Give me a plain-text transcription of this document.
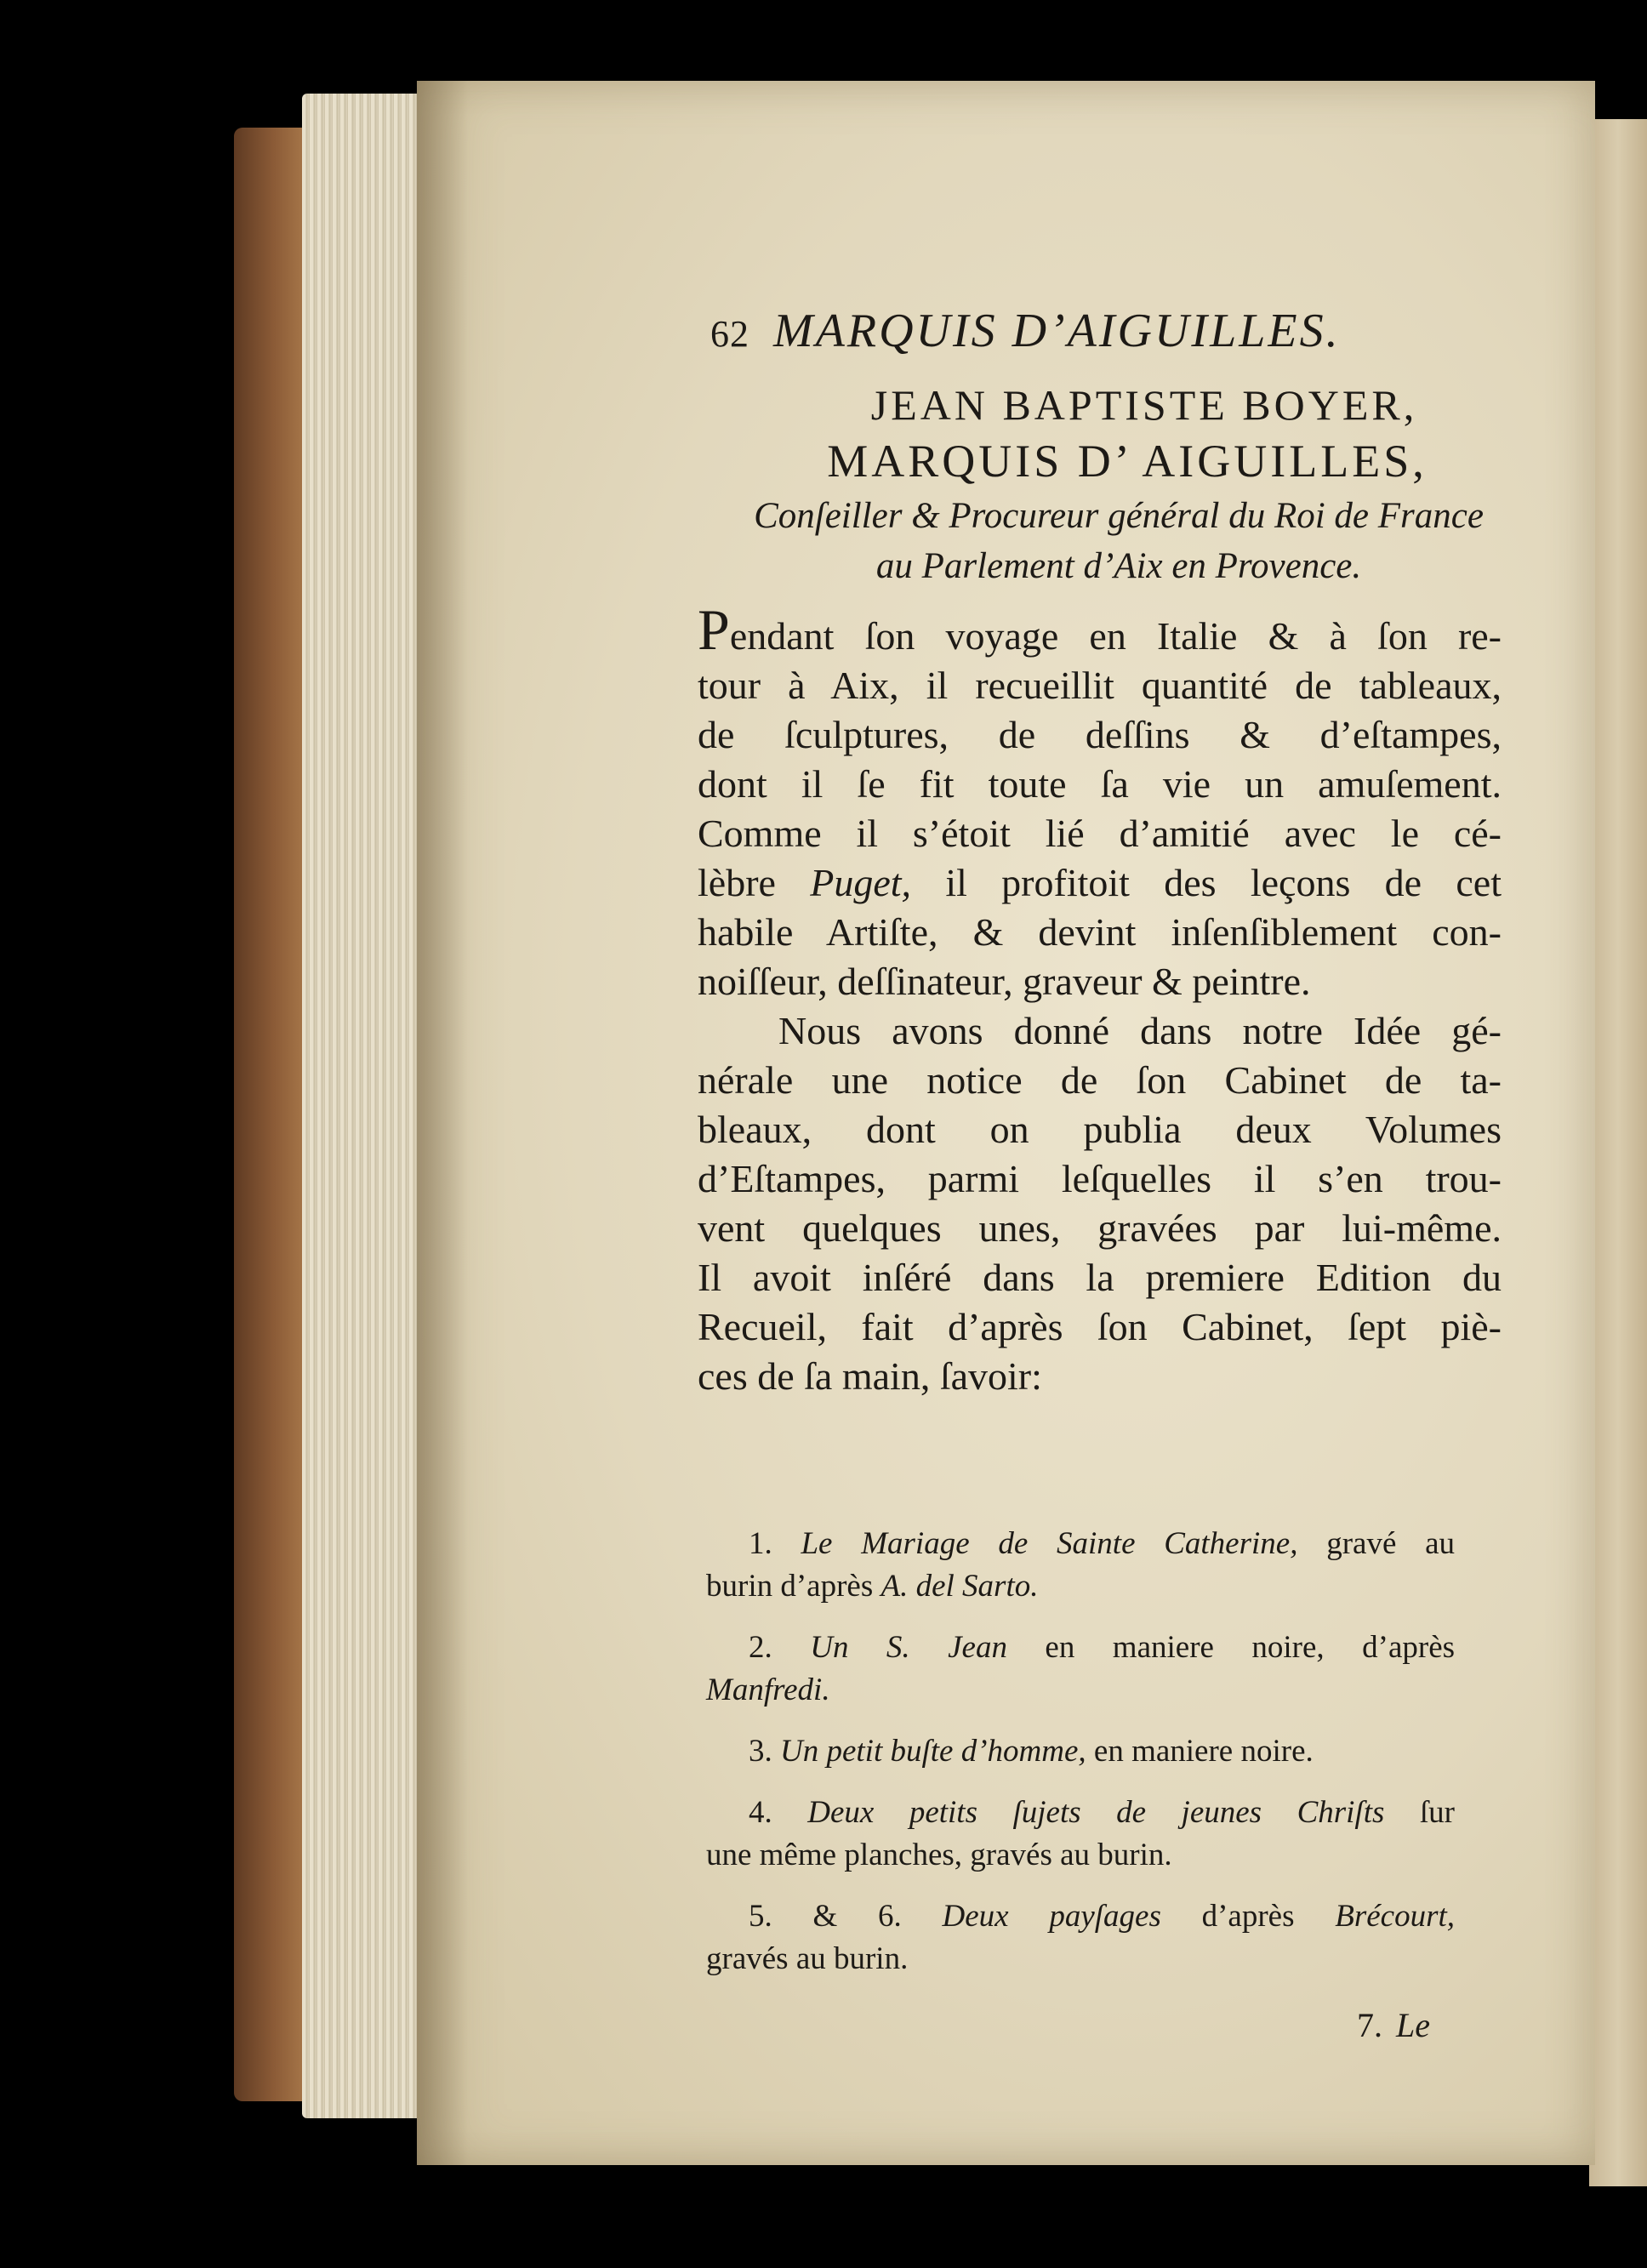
62 MARQUIS D’AIGUILLES.
JEAN BAPTISTE BOYER,
MARQUIS D’ AIGUILLES,
Conſeiller & Procureur général du Roi de France
au Parlement d’Aix en Provence.
Pendant ſon voyage en Italie & à ſon re-
tour à Aix, il recueillit quantité de tableaux,
de ſculptures, de deſſins & d’eſtampes,
dont il ſe fit toute ſa vie un amuſement.
Comme il s’étoit lié d’amitié avec le cé-
lèbre Puget, il profitoit des leçons de cet
habile Artiſte, & devint inſenſiblement con-
noiſſeur, deſſinateur, graveur & peintre.
Nous avons donné dans notre Idée gé-
nérale une notice de ſon Cabinet de ta-
bleaux, dont on publia deux Volumes
d’Eſtampes, parmi leſquelles il s’en trou-
vent quelques unes, gravées par lui-même.
Il avoit inſéré dans la premiere Edition du
Recueil, fait d’après ſon Cabinet, ſept piè-
ces de ſa main, ſavoir:
1. Le Mariage de Sainte Catherine, gravé au
burin d’après A. del Sarto.
2. Un S. Jean en maniere noire, d’après
Manfredi.
3. Un petit buſte d’homme, en maniere noire.
4. Deux petits ſujets de jeunes Chriſts ſur
une même planches, gravés au burin.
5. & 6. Deux payſages d’après Brécourt,
gravés au burin.
7. Le
